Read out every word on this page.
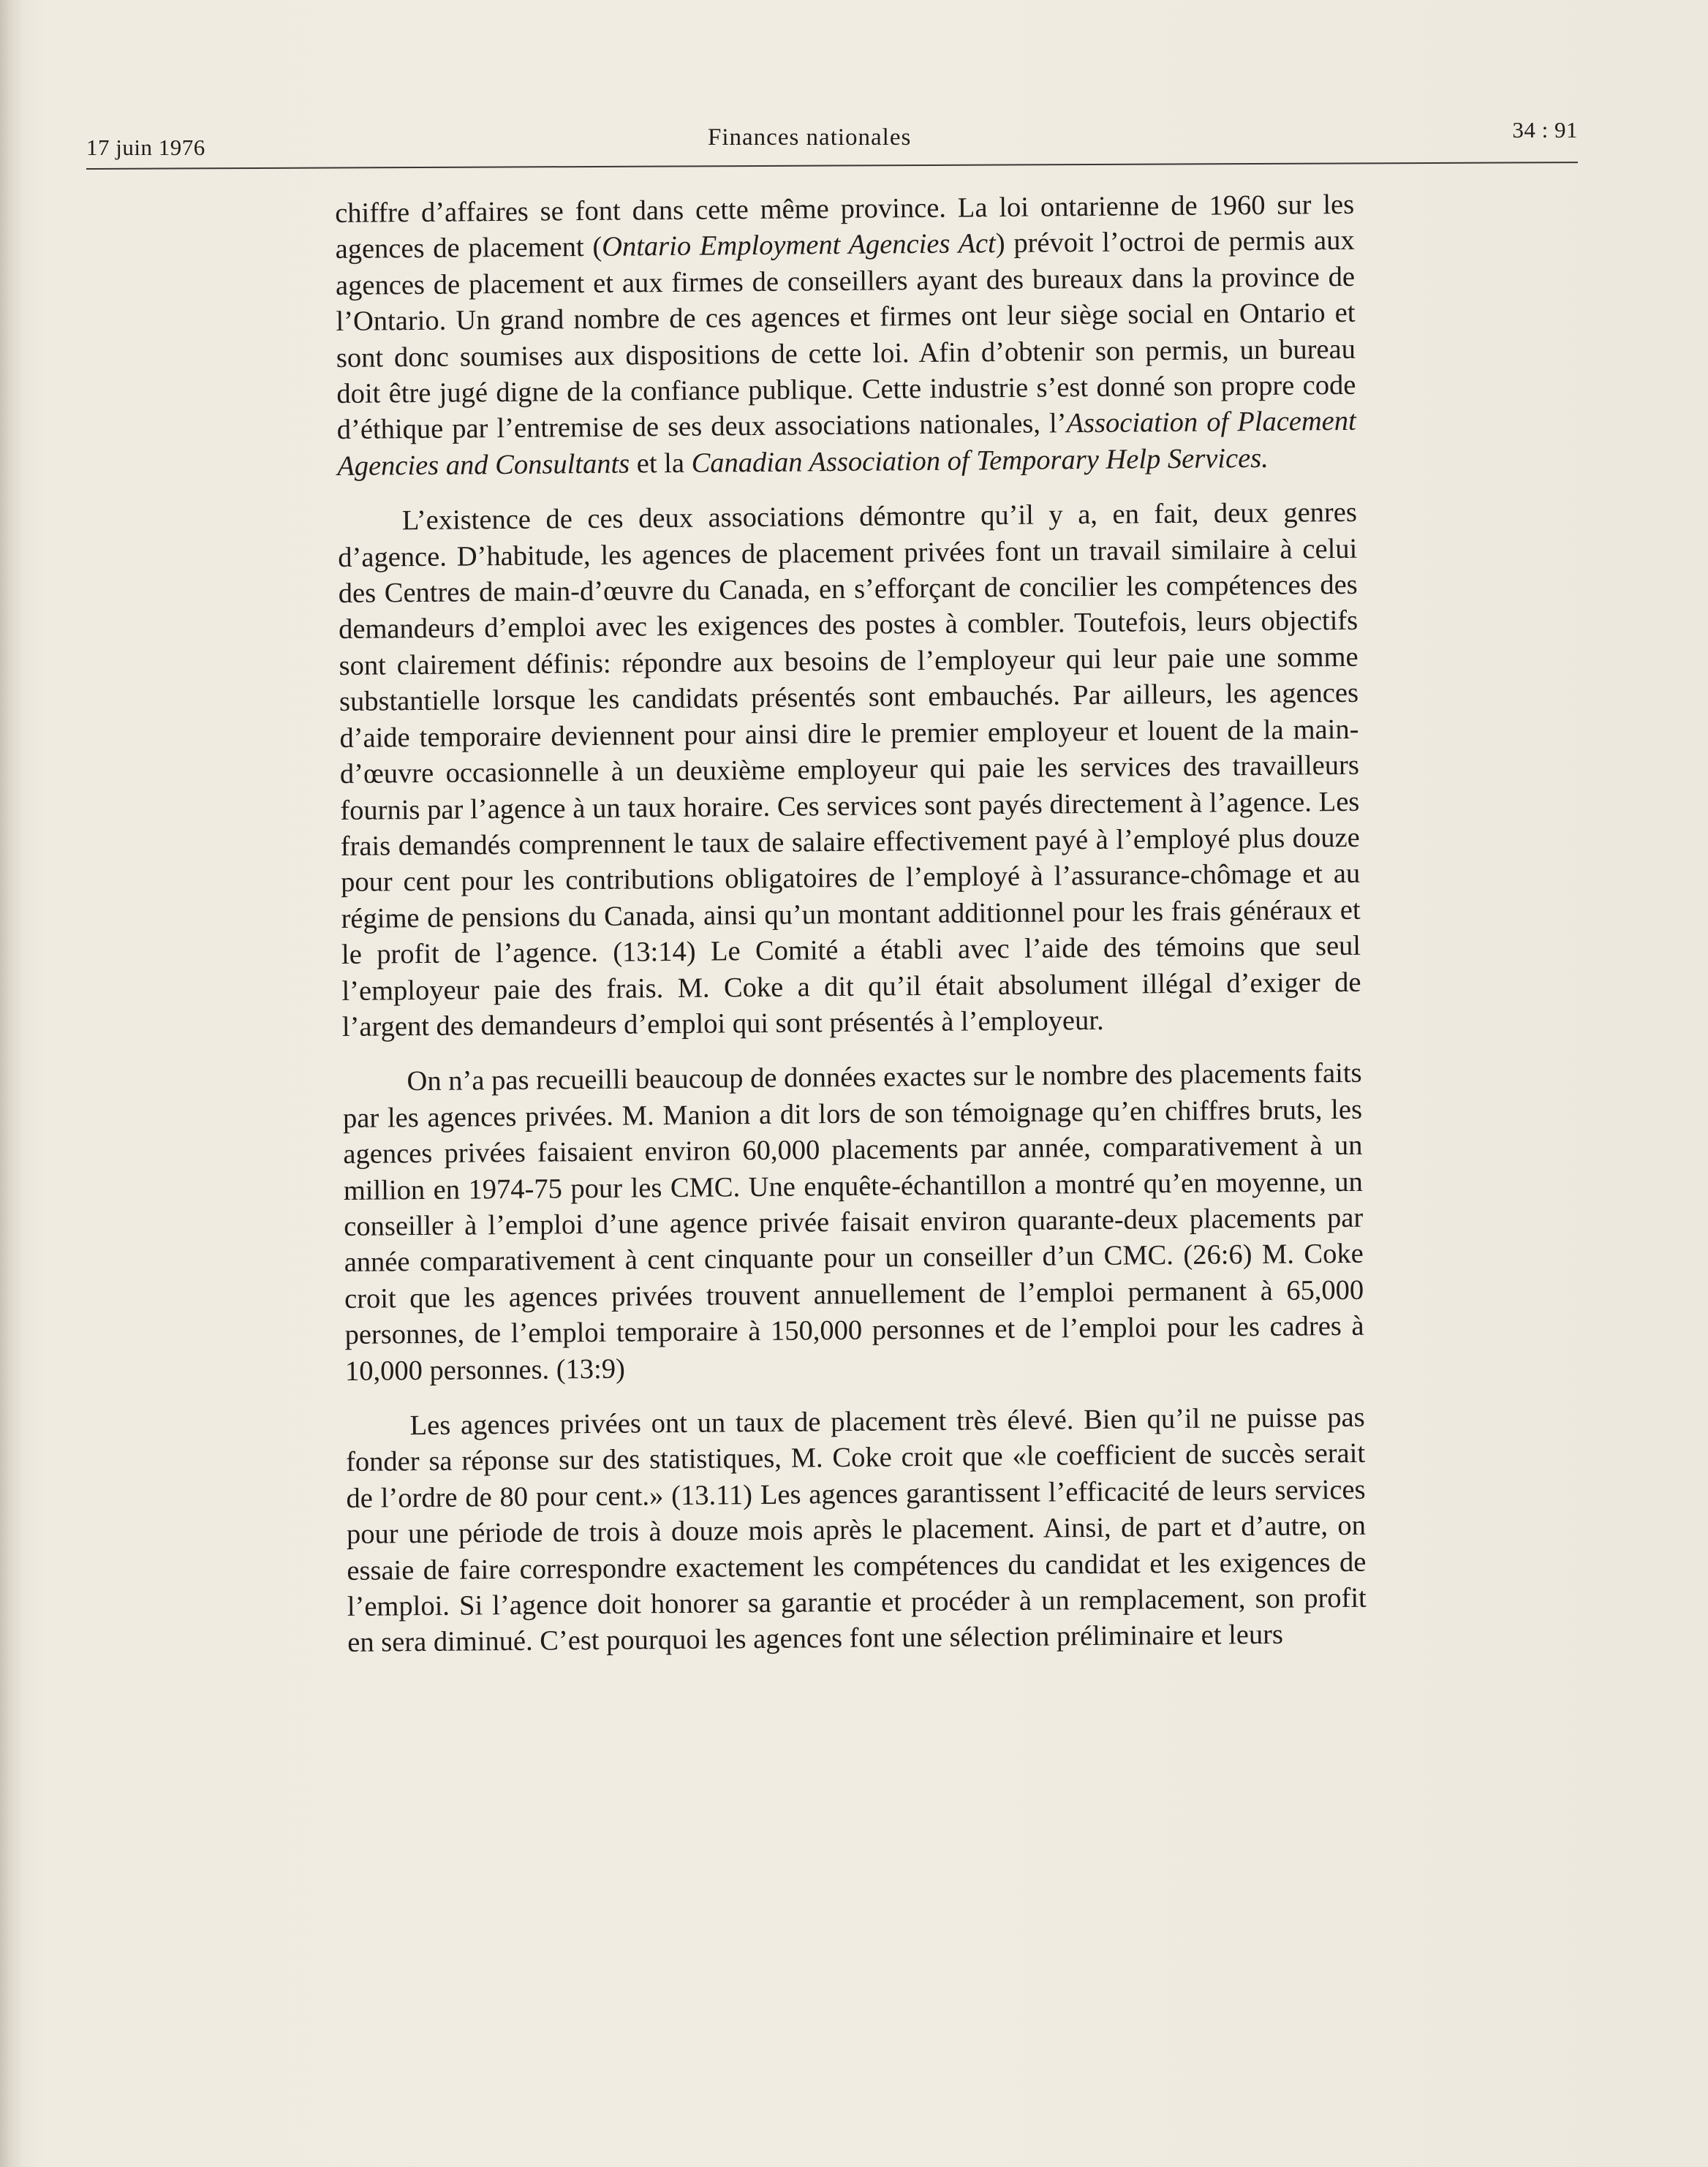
17 juin 1976	Finances nationales	34 : 91

chiffre d’affaires se font dans cette même province. La loi ontarienne de 1960 sur les agences de placement (Ontario Employment Agencies Act) prévoit l’octroi de permis aux agences de placement et aux firmes de conseillers ayant des bureaux dans la province de l’Ontario. Un grand nombre de ces agences et firmes ont leur siège social en Ontario et sont donc soumises aux dispositions de cette loi. Afin d’obtenir son permis, un bureau doit être jugé digne de la confiance publique. Cette industrie s’est donné son propre code d’éthique par l’entremise de ses deux associations nationales, l’Association of Placement Agencies and Consultants et la Canadian Association of Temporary Help Services.

L’existence de ces deux associations démontre qu’il y a, en fait, deux genres d’agence. D’habitude, les agences de placement privées font un travail similaire à celui des Centres de main-d’œuvre du Canada, en s’efforçant de concilier les compétences des demandeurs d’emploi avec les exigences des postes à combler. Toutefois, leurs objectifs sont clairement définis: répondre aux besoins de l’employeur qui leur paie une somme substantielle lorsque les candidats présentés sont embauchés. Par ailleurs, les agences d’aide temporaire deviennent pour ainsi dire le premier employeur et louent de la main-d’œuvre occasionnelle à un deuxième employeur qui paie les services des travailleurs fournis par l’agence à un taux horaire. Ces services sont payés directement à l’agence. Les frais demandés comprennent le taux de salaire effectivement payé à l’employé plus douze pour cent pour les contributions obligatoires de l’employé à l’assurance-chômage et au régime de pensions du Canada, ainsi qu’un montant additionnel pour les frais généraux et le profit de l’agence. (13:14) Le Comité a établi avec l’aide des témoins que seul l’employeur paie des frais. M. Coke a dit qu’il était absolument illégal d’exiger de l’argent des demandeurs d’emploi qui sont présentés à l’employeur.

On n’a pas recueilli beaucoup de données exactes sur le nombre des placements faits par les agences privées. M. Manion a dit lors de son témoignage qu’en chiffres bruts, les agences privées faisaient environ 60,000 placements par année, comparativement à un million en 1974-75 pour les CMC. Une enquête-échantillon a montré qu’en moyenne, un conseiller à l’emploi d’une agence privée faisait environ quarante-deux placements par année comparativement à cent cinquante pour un conseiller d’un CMC. (26:6) M. Coke croit que les agences privées trouvent annuellement de l’emploi permanent à 65,000 personnes, de l’emploi temporaire à 150,000 personnes et de l’emploi pour les cadres à 10,000 personnes. (13:9)

Les agences privées ont un taux de placement très élevé. Bien qu’il ne puisse pas fonder sa réponse sur des statistiques, M. Coke croit que «le coefficient de succès serait de l’ordre de 80 pour cent.» (13.11) Les agences garantissent l’efficacité de leurs services pour une période de trois à douze mois après le placement. Ainsi, de part et d’autre, on essaie de faire correspondre exactement les compétences du candidat et les exigences de l’emploi. Si l’agence doit honorer sa garantie et procéder à un remplacement, son profit en sera diminué. C’est pourquoi les agences font une sélection préliminaire et leurs
